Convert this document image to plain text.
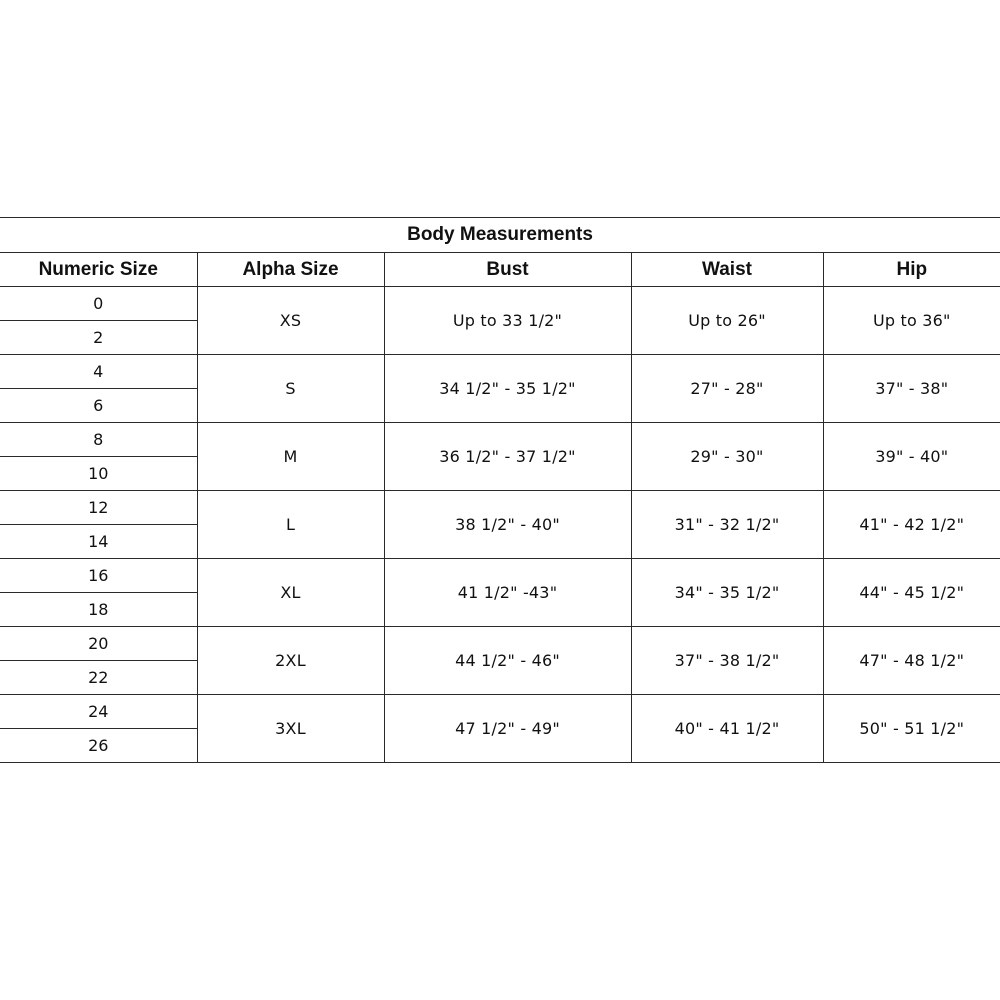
Body Measurements				
Numeric Size	Alpha Size	Bust	Waist	Hip
0	XS	Up to 33 1/2"	Up to 26"	Up to 36"
2				
4	S	34 1/2" - 35 1/2"	27" - 28"	37" - 38"
6				
8	M	36 1/2" - 37 1/2"	29" - 30"	39" - 40"
10				
12	L	38 1/2" - 40"	31" - 32 1/2"	41" - 42 1/2"
14				
16	XL	41 1/2" -43"	34" - 35 1/2"	44" - 45 1/2"
18				
20	2XL	44 1/2" - 46"	37" - 38 1/2"	47" - 48 1/2"
22				
24	3XL	47 1/2" - 49"	40" - 41 1/2"	50" - 51 1/2"
26				
